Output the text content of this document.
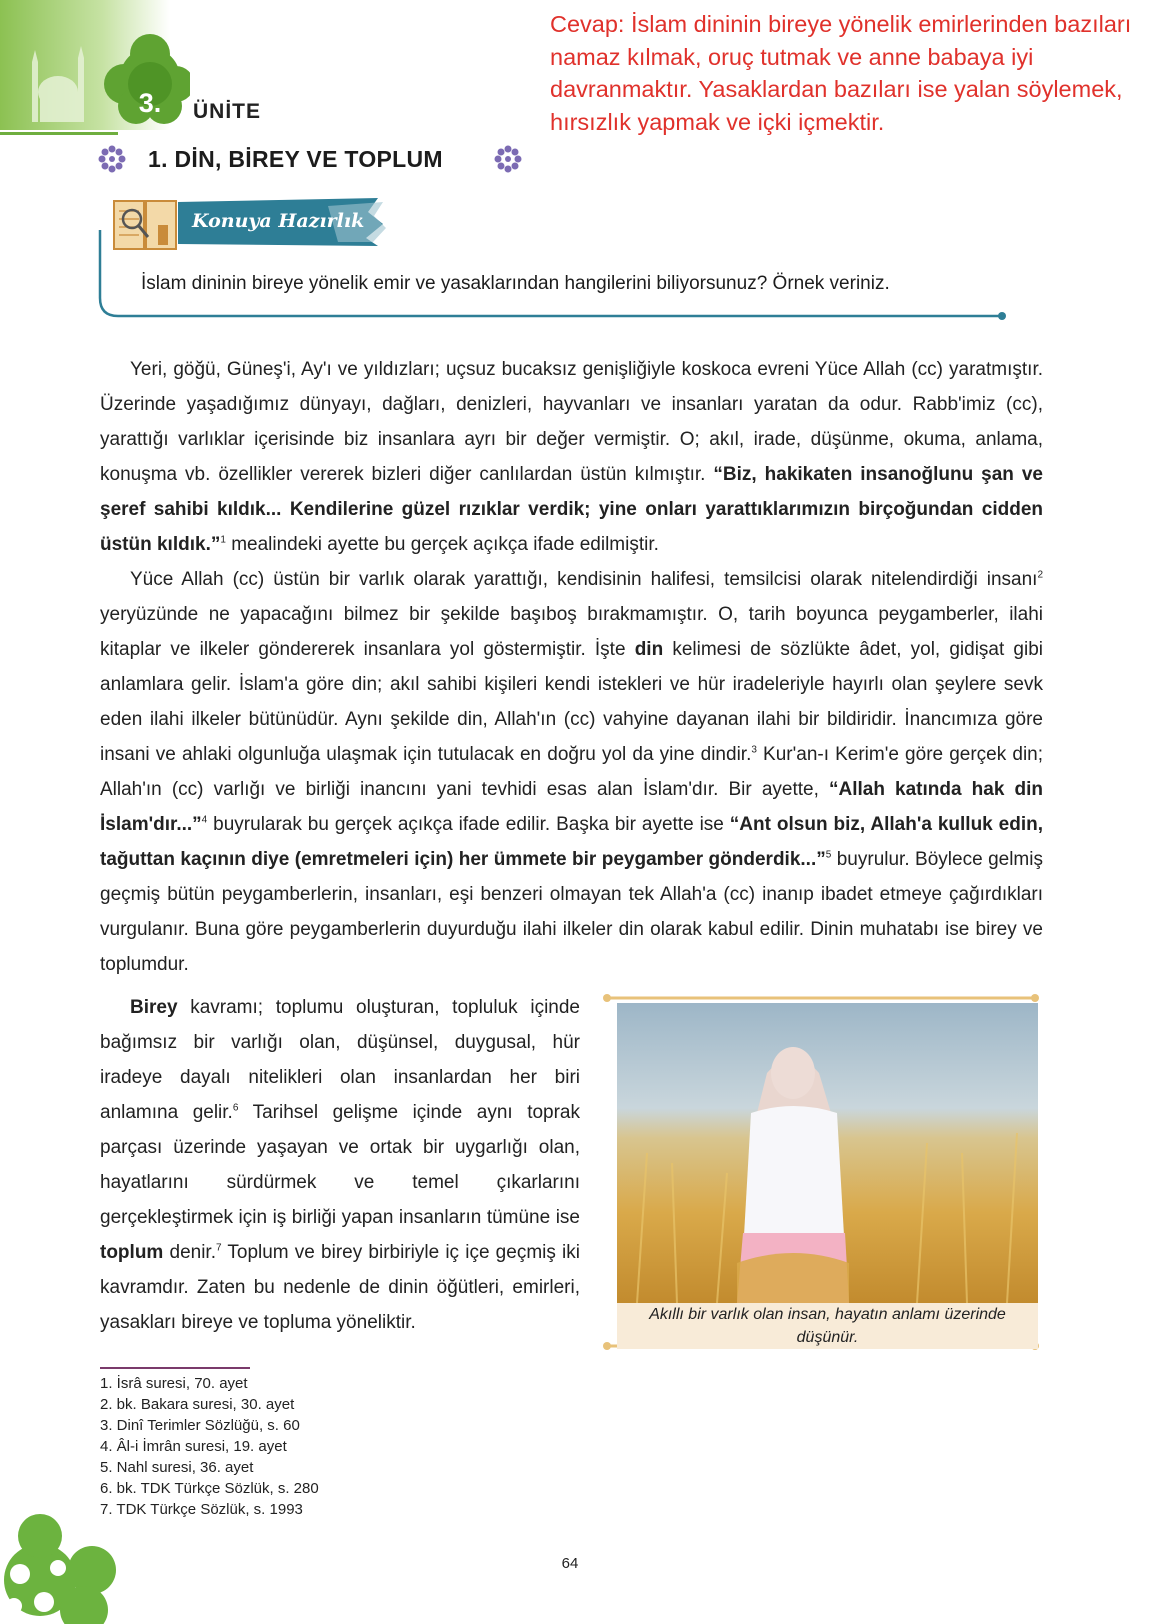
3.	ÜNİTE
1. DİN, BİREY VE TOPLUM
Cevap: İslam dininin bireye yönelik emirlerinden bazıları namaz kılmak, oruç tutmak ve anne babaya iyi davranmaktır. Yasaklardan bazıları ise yalan söylemek, hırsızlık yapmak ve içki içmektir.
Konuya Hazırlık
İslam dininin bireye yönelik emir ve yasaklarından hangilerini biliyorsunuz? Örnek veriniz.

Yeri, göğü, Güneş'i, Ay'ı ve yıldızları; uçsuz bucaksız genişliğiyle koskoca evreni Yüce Allah (cc) yaratmıştır. Üzerinde yaşadığımız dünyayı, dağları, denizleri, hayvanları ve insanları yaratan da odur. Rabb'imiz (cc), yarattığı varlıklar içerisinde biz insanlara ayrı bir değer vermiştir. O; akıl, irade, düşünme, okuma, anlama, konuşma vb. özellikler vererek bizleri diğer canlılardan üstün kılmıştır. “Biz, hakikaten insanoğlunu şan ve şeref sahibi kıldık... Kendilerine güzel rızıklar verdik; yine onları yarattıklarımızın birçoğundan cidden üstün kıldık.”$^1$ mealindeki ayette bu gerçek açıkça ifade edilmiştir.

Yüce Allah (cc) üstün bir varlık olarak yarattığı, kendisinin halifesi, temsilcisi olarak nitelendirdiği insanı$^2$ yeryüzünde ne yapacağını bilmez bir şekilde başıboş bırakmamıştır. O, tarih boyunca peygamberler, ilahi kitaplar ve ilkeler göndererek insanlara yol göstermiştir. İşte din kelimesi de sözlükte âdet, yol, gidişat gibi anlamlara gelir. İslam'a göre din; akıl sahibi kişileri kendi istekleri ve hür iradeleriyle hayırlı olan şeylere sevk eden ilahi ilkeler bütünüdür. Aynı şekilde din, Allah'ın (cc) vahyine dayanan ilahi bir bildiridir. İnancımıza göre insani ve ahlaki olgunluğa ulaşmak için tutulacak en doğru yol da yine dindir.$^3$ Kur'an-ı Kerim'e göre gerçek din; Allah'ın (cc) varlığı ve birliği inancını yani tevhidi esas alan İslam'dır. Bir ayette, “Allah katında hak din İslam'dır...”$^4$ buyrularak bu gerçek açıkça ifade edilir. Başka bir ayette ise “Ant olsun biz, Allah'a kulluk edin, tağuttan kaçının diye (emretmeleri için) her ümmete bir peygamber gönderdik...”$^5$ buyrulur. Böylece gelmiş geçmiş bütün peygamberlerin, insanları, eşi benzeri olmayan tek Allah'a (cc) inanıp ibadet etmeye çağırdıkları vurgulanır. Buna göre peygamberlerin duyurduğu ilahi ilkeler din olarak kabul edilir. Dinin muhatabı ise birey ve toplumdur.

Birey kavramı; toplumu oluşturan, topluluk içinde bağımsız bir varlığı olan, düşünsel, duygusal, hür iradeye dayalı nitelikleri olan insanlardan her biri anlamına gelir.$^6$ Tarihsel gelişme içinde aynı toprak parçası üzerinde yaşayan ve ortak bir uygarlığı olan, hayatlarını sürdürmek ve temel çıkarlarını gerçekleştirmek için iş birliği yapan insanların tümüne ise toplum denir.$^7$ Toplum ve birey birbiriyle iç içe geçmiş iki kavramdır. Zaten bu nedenle de dinin öğütleri, emirleri, yasakları bireye ve topluma yöneliktir.	Akıllı bir varlık olan insan, hayatın anlamı üzerinde düşünür.
1. İsrâ suresi, 70. ayet
2. bk. Bakara suresi, 30. ayet
3. Dinî Terimler Sözlüğü, s. 60
4. Âl-i İmrân suresi, 19. ayet
5. Nahl suresi, 36. ayet
6. bk. TDK Türkçe Sözlük, s. 280
7. TDK Türkçe Sözlük, s. 1993
64
